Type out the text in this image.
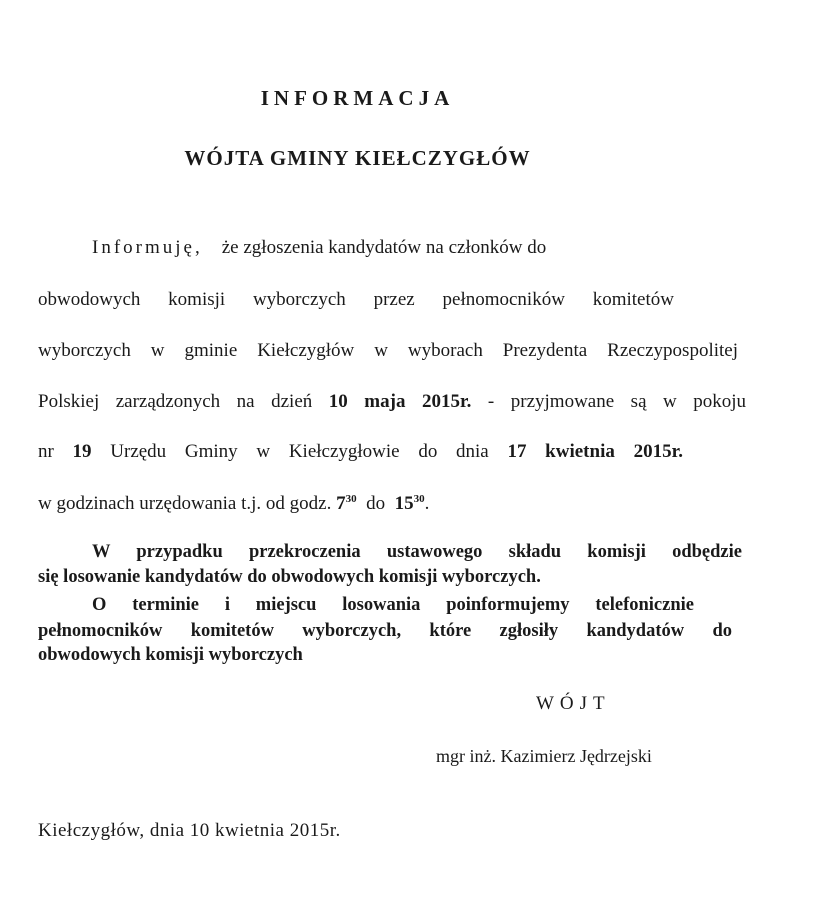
INFORMACJA
WÓJTA GMINY KIEŁCZYGŁÓW
Informuję, że zgłoszenia kandydatów na członków do
obwodowych komisji wyborczych przez pełnomocników komitetów
wyborczych w gminie Kiełczygłów w wyborach Prezydenta Rzeczypospolitej
Polskiej zarządzonych na dzień 10 maja 2015r. - przyjmowane są w pokoju
nr 19 Urzędu Gminy w Kiełczygłowie do dnia 17 kwietnia 2015r.
w godzinach urzędowania t.j. od godz. $7^{30}$ do $15^{30}$.
W przypadku przekroczenia ustawowego składu komisji odbędzie
się losowanie kandydatów do obwodowych komisji wyborczych.
O terminie i miejscu losowania poinformujemy telefonicznie
pełnomocników komitetów wyborczych, które zgłosiły kandydatów do
obwodowych komisji wyborczych
WÓJT
mgr inż. Kazimierz Jędrzejski
Kiełczygłów, dnia 10 kwietnia 2015r.
